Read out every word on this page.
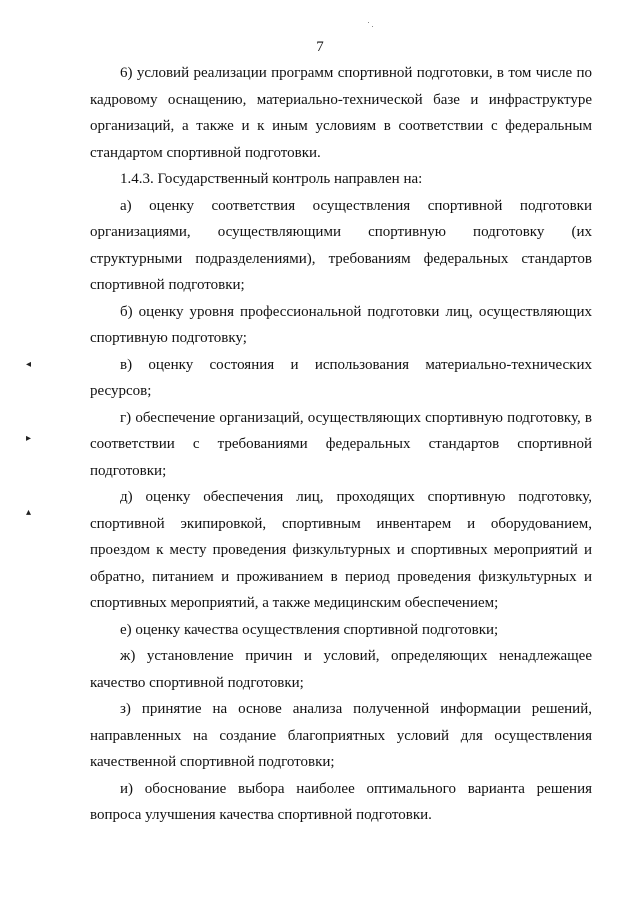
7

6) условий реализации программ спортивной подготовки, в том числе по кадровому оснащению, материально-технической базе и инфраструктуре организаций, а также и к иным условиям в соответствии с федеральным стандартом спортивной подготовки.

1.4.3. Государственный контроль направлен на:

а) оценку соответствия осуществления спортивной подготовки организациями, осуществляющими спортивную подготовку (их структурными подразделениями), требованиям федеральных стандартов спортивной подготовки;

б) оценку уровня профессиональной подготовки лиц, осуществляющих спортивную подготовку;

в) оценку состояния и использования материально-технических ресурсов;

г) обеспечение организаций, осуществляющих спортивную подготовку, в соответствии с требованиями федеральных стандартов спортивной подготовки;

д) оценку обеспечения лиц, проходящих спортивную подготовку, спортивной экипировкой, спортивным инвентарем и оборудованием, проездом к месту проведения физкультурных и спортивных мероприятий и обратно, питанием и проживанием в период проведения физкультурных и спортивных мероприятий, а также медицинским обеспечением;

е) оценку качества осуществления спортивной подготовки;

ж) установление причин и условий, определяющих ненадлежащее качество спортивной подготовки;

з) принятие на основе анализа полученной информации решений, направленных на создание благоприятных условий для осуществления качественной спортивной подготовки;

и) обоснование выбора наиболее оптимального варианта решения вопроса улучшения качества спортивной подготовки.

◂
▸
▴
